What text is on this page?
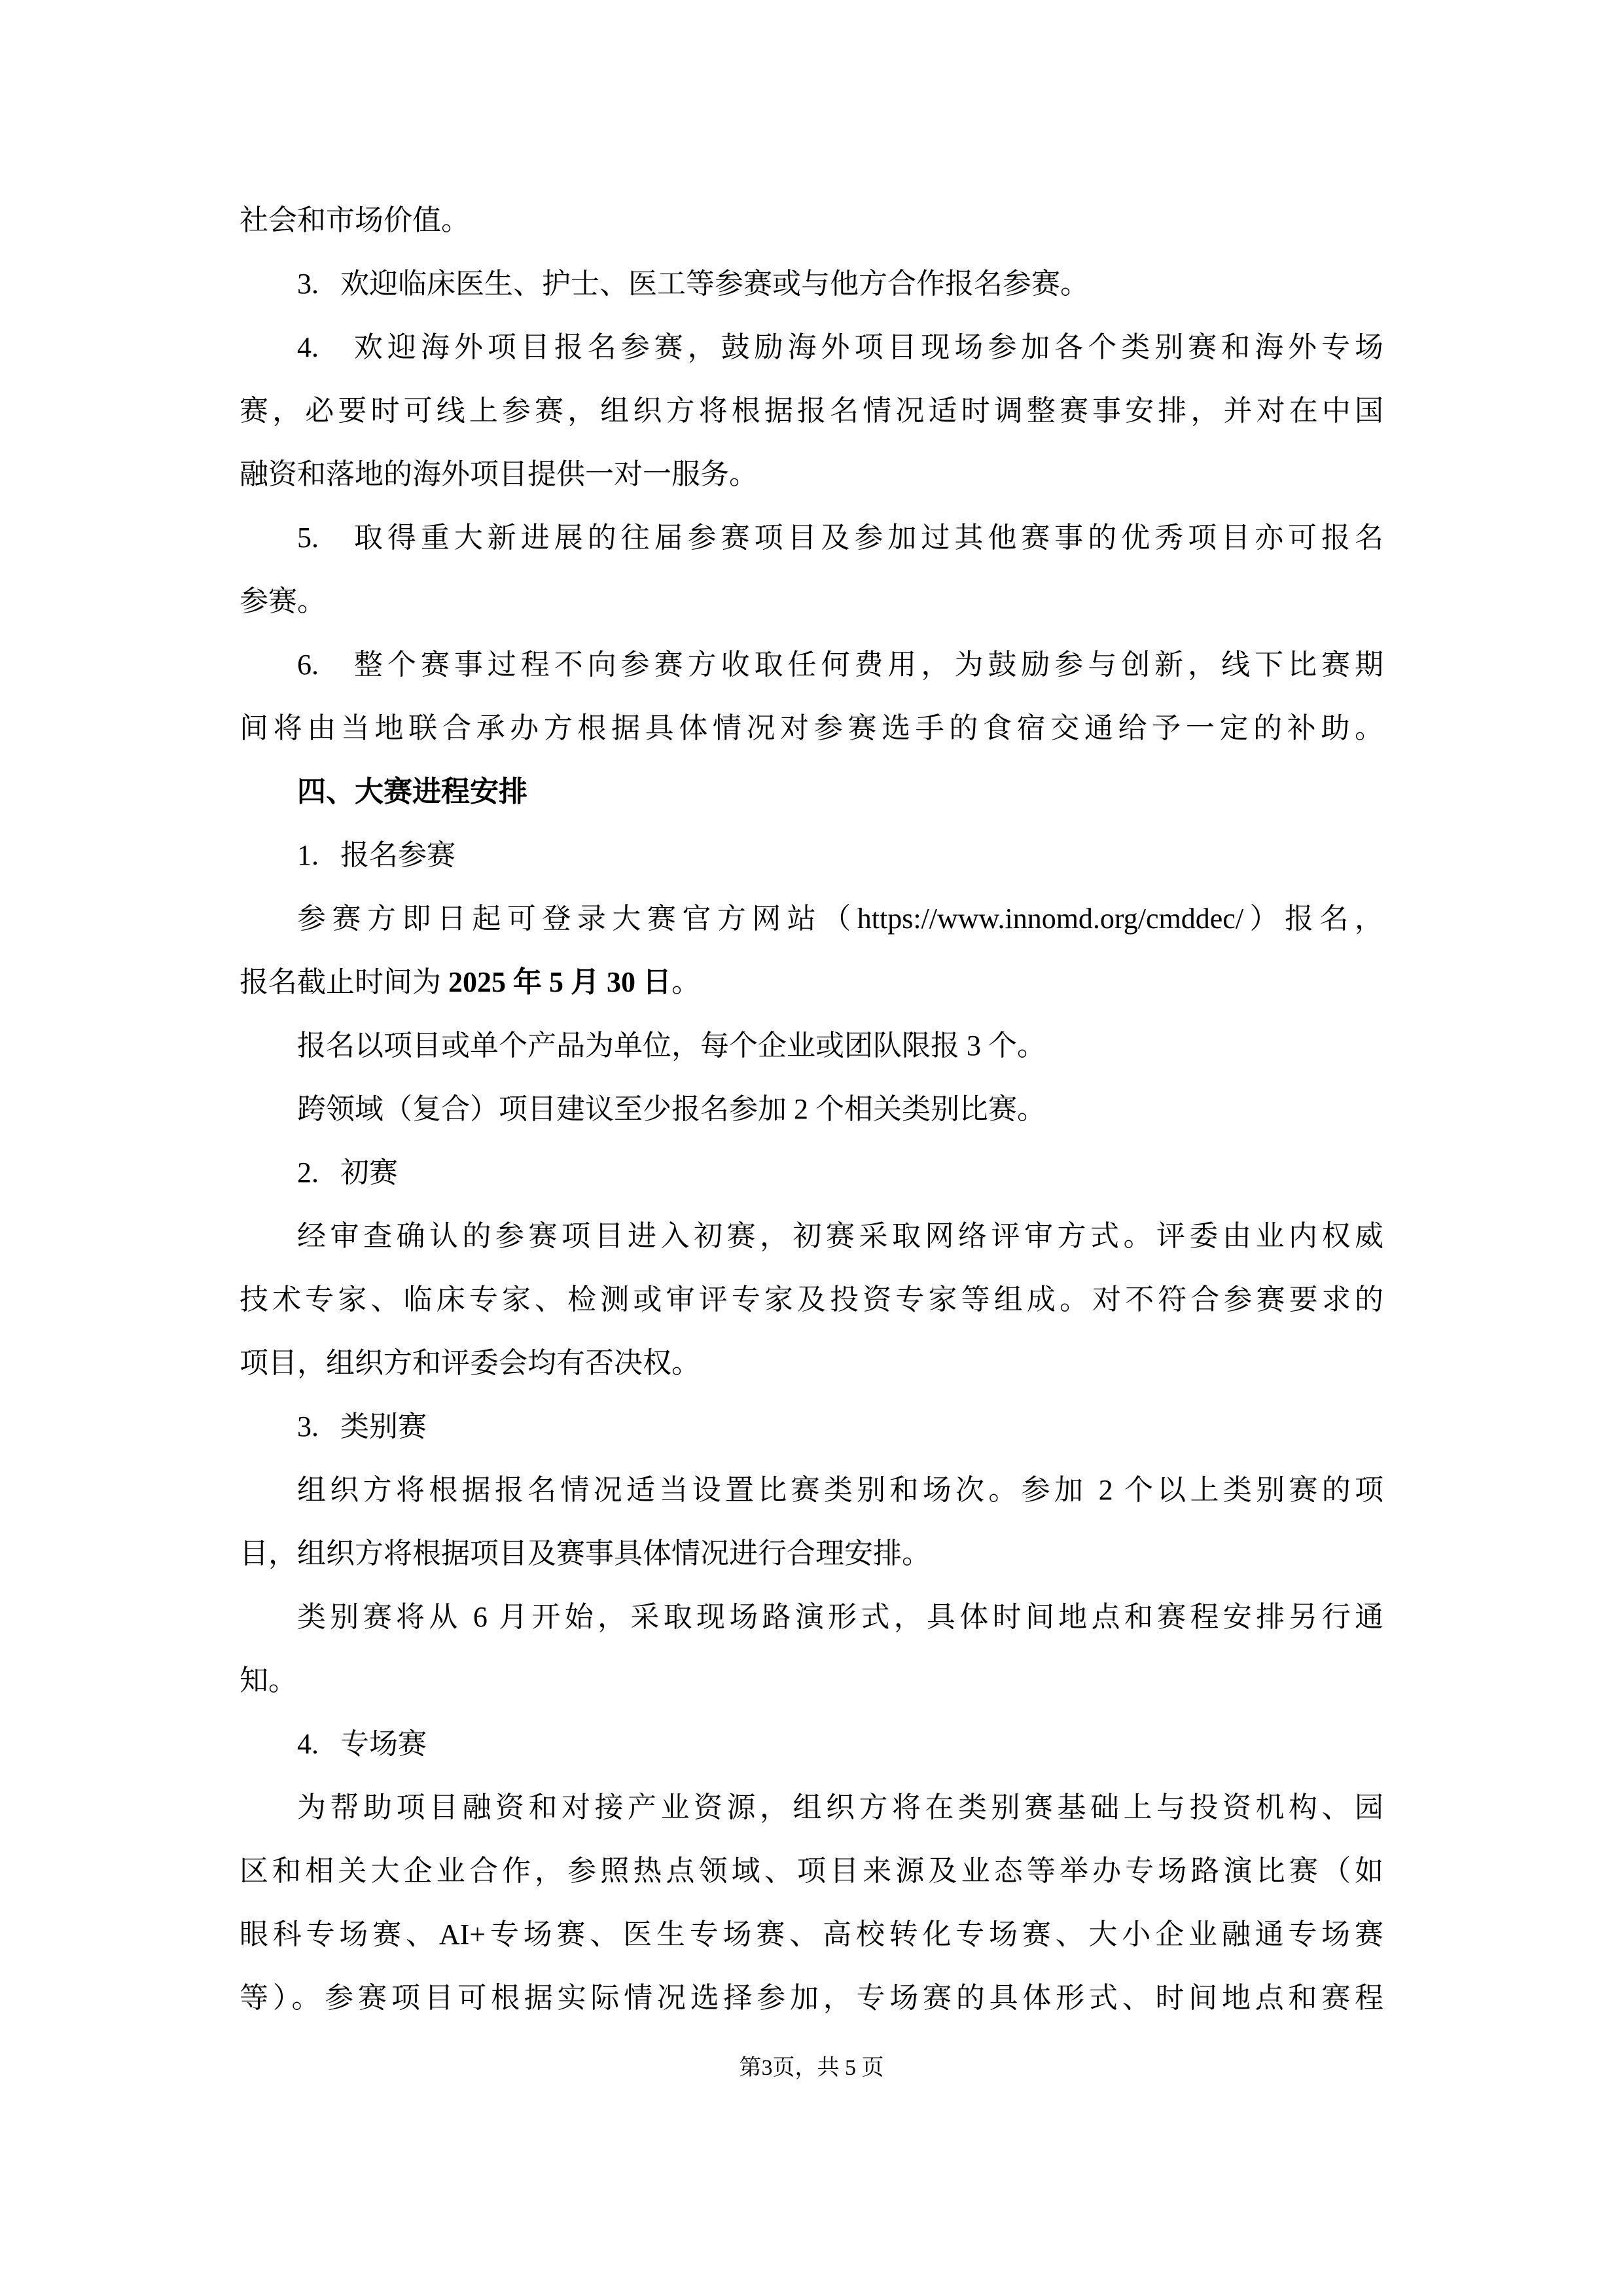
社会和市场价值。
3.   欢迎临床医生、护士、医工等参赛或与他方合作报名参赛。
4.   欢迎海外项目报名参赛，鼓励海外项目现场参加各个类别赛和海外专场
赛，必要时可线上参赛，组织方将根据报名情况适时调整赛事安排，并对在中国
融资和落地的海外项目提供一对一服务。
5.   取得重大新进展的往届参赛项目及参加过其他赛事的优秀项目亦可报名
参赛。
6.   整个赛事过程不向参赛方收取任何费用，为鼓励参与创新，线下比赛期
间将由当地联合承办方根据具体情况对参赛选手的食宿交通给予一定的补助。
四、大赛进程安排
1.   报名参赛
参赛方即日起可登录大赛官方网站（https://www.innomd.org/cmddec/）报名，
报名截止时间为 2025 年 5 月 30 日。
报名以项目或单个产品为单位，每个企业或团队限报 3 个。
跨领域（复合）项目建议至少报名参加 2 个相关类别比赛。
2.   初赛
经审查确认的参赛项目进入初赛，初赛采取网络评审方式。评委由业内权威
技术专家、临床专家、检测或审评专家及投资专家等组成。对不符合参赛要求的
项目，组织方和评委会均有否决权。
3.   类别赛
组织方将根据报名情况适当设置比赛类别和场次。参加 2 个以上类别赛的项
目，组织方将根据项目及赛事具体情况进行合理安排。
类别赛将从 6 月开始，采取现场路演形式，具体时间地点和赛程安排另行通
知。
4.   专场赛
为帮助项目融资和对接产业资源，组织方将在类别赛基础上与投资机构、园
区和相关大企业合作，参照热点领域、项目来源及业态等举办专场路演比赛（如
眼科专场赛、AI+专场赛、医生专场赛、高校转化专场赛、大小企业融通专场赛
等）。参赛项目可根据实际情况选择参加，专场赛的具体形式、时间地点和赛程
第3页，共 5 页
